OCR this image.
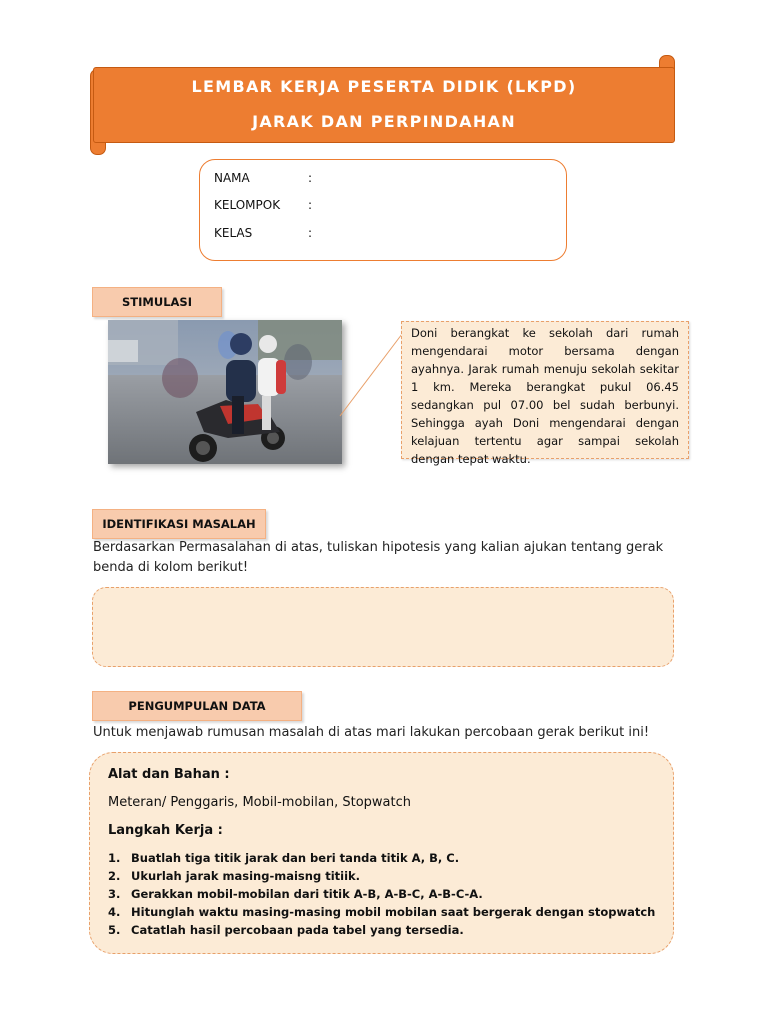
LEMBAR KERJA PESERTA DIDIK (LKPD)
JARAK DAN PERPINDAHAN
NAMA	:
KELOMPOK :
KELAS	:
STIMULASI
Doni berangkat ke sekolah dari rumah mengendarai motor bersama dengan ayahnya. Jarak rumah menuju sekolah sekitar 1 km. Mereka berangkat pukul 06.45 sedangkan pul 07.00 bel sudah berbunyi. Sehingga ayah Doni mengendarai dengan kelajuan tertentu agar sampai sekolah dengan tepat waktu.
IDENTIFIKASI MASALAH
Berdasarkan Permasalahan di atas, tuliskan hipotesis yang kalian ajukan tentang gerak benda di kolom berikut!
PENGUMPULAN DATA
Untuk menjawab rumusan masalah di atas mari lakukan percobaan gerak berikut ini!
Alat dan Bahan :
Meteran/ Penggaris, Mobil-mobilan, Stopwatch
Langkah Kerja :
1. Buatlah tiga titik jarak dan beri tanda titik A, B, C.
2. Ukurlah jarak masing-maisng titiik.
3. Gerakkan mobil-mobilan dari titik A-B, A-B-C, A-B-C-A.
4. Hitunglah waktu masing-masing mobil mobilan saat bergerak dengan stopwatch
5. Catatlah hasil percobaan pada tabel yang tersedia.
